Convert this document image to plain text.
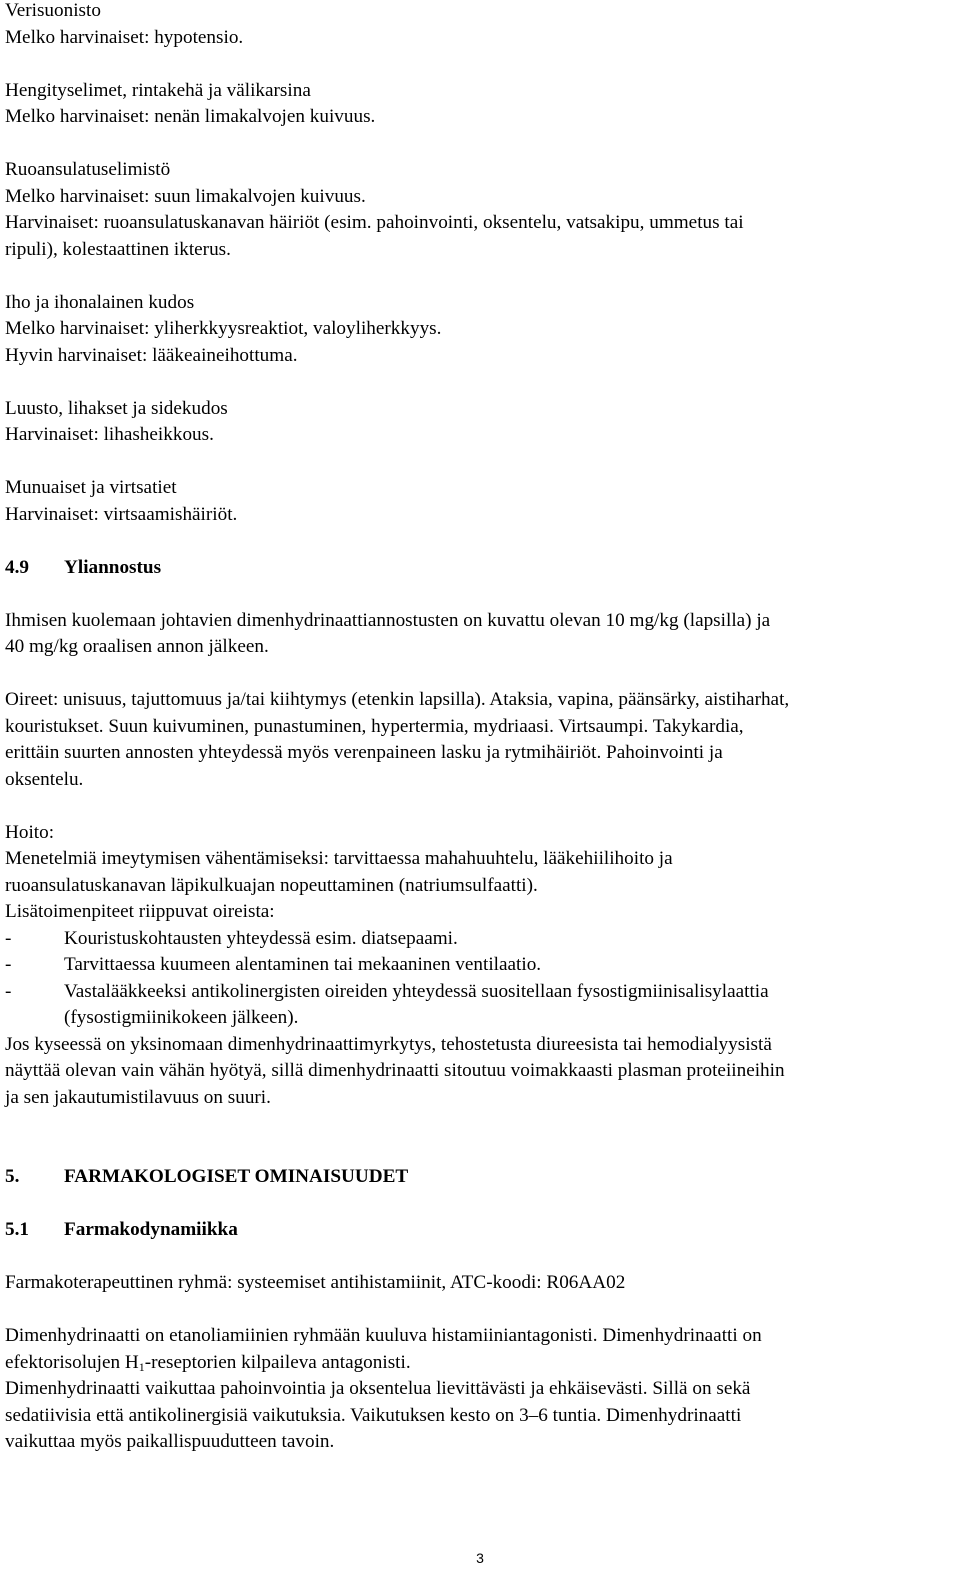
Verisuonisto

Melko harvinaiset: hypotensio.

Hengityselimet, rintakehä ja välikarsina

Melko harvinaiset: nenän limakalvojen kuivuus.

Ruoansulatuselimistö

Melko harvinaiset: suun limakalvojen kuivuus.

Harvinaiset: ruoansulatuskanavan häiriöt (esim. pahoinvointi, oksentelu, vatsakipu, ummetus tai

ripuli), kolestaattinen ikterus.

Iho ja ihonalainen kudos

Melko harvinaiset: yliherkkyysreaktiot, valoyliherkkyys.

Hyvin harvinaiset: lääkeaineihottuma.

Luusto, lihakset ja sidekudos

Harvinaiset: lihasheikkous.

Munuaiset ja virtsatiet

Harvinaiset: virtsaamishäiriöt.

4.9 Yliannostus

Ihmisen kuolemaan johtavien dimenhydrinaattiannostusten on kuvattu olevan 10 mg/kg (lapsilla) ja

40 mg/kg oraalisen annon jälkeen.

Oireet: unisuus, tajuttomuus ja/tai kiihtymys (etenkin lapsilla). Ataksia, vapina, päänsärky, aistiharhat,

kouristukset. Suun kuivuminen, punastuminen, hypertermia, mydriaasi. Virtsaumpi. Takykardia,

erittäin suurten annosten yhteydessä myös verenpaineen lasku ja rytmihäiriöt. Pahoinvointi ja

oksentelu.

Hoito:

Menetelmiä imeytymisen vähentämiseksi: tarvittaessa mahahuuhtelu, lääkehiilihoito ja

ruoansulatuskanavan läpikulkuajan nopeuttaminen (natriumsulfaatti).

Lisätoimenpiteet riippuvat oireista:

-	Kouristuskohtausten yhteydessä esim. diatsepaami.
-	Tarvittaessa kuumeen alentaminen tai mekaaninen ventilaatio.
-	Vastalääkkeeksi antikolinergisten oireiden yhteydessä suositellaan fysostigmiinisalisylaattia
(fysostigmiinikokeen jälkeen).

Jos kyseessä on yksinomaan dimenhydrinaattimyrkytys, tehostetusta diureesista tai hemodialyysistä

näyttää olevan vain vähän hyötyä, sillä dimenhydrinaatti sitoutuu voimakkaasti plasman proteiineihin

ja sen jakautumistilavuus on suuri.

5. FARMAKOLOGISET OMINAISUUDET
5.1 Farmakodynamiikka

Farmakoterapeuttinen ryhmä: systeemiset antihistamiinit, ATC-koodi: R06AA02

Dimenhydrinaatti on etanoliamiinien ryhmään kuuluva histamiiniantagonisti. Dimenhydrinaatti on

efektorisolujen $H_1$-reseptorien kilpaileva antagonisti.

Dimenhydrinaatti vaikuttaa pahoinvointia ja oksentelua lievittävästi ja ehkäisevästi. Sillä on sekä

sedatiivisia että antikolinergisiä vaikutuksia. Vaikutuksen kesto on 3–6 tuntia. Dimenhydrinaatti

vaikuttaa myös paikallispuudutteen tavoin.

3
